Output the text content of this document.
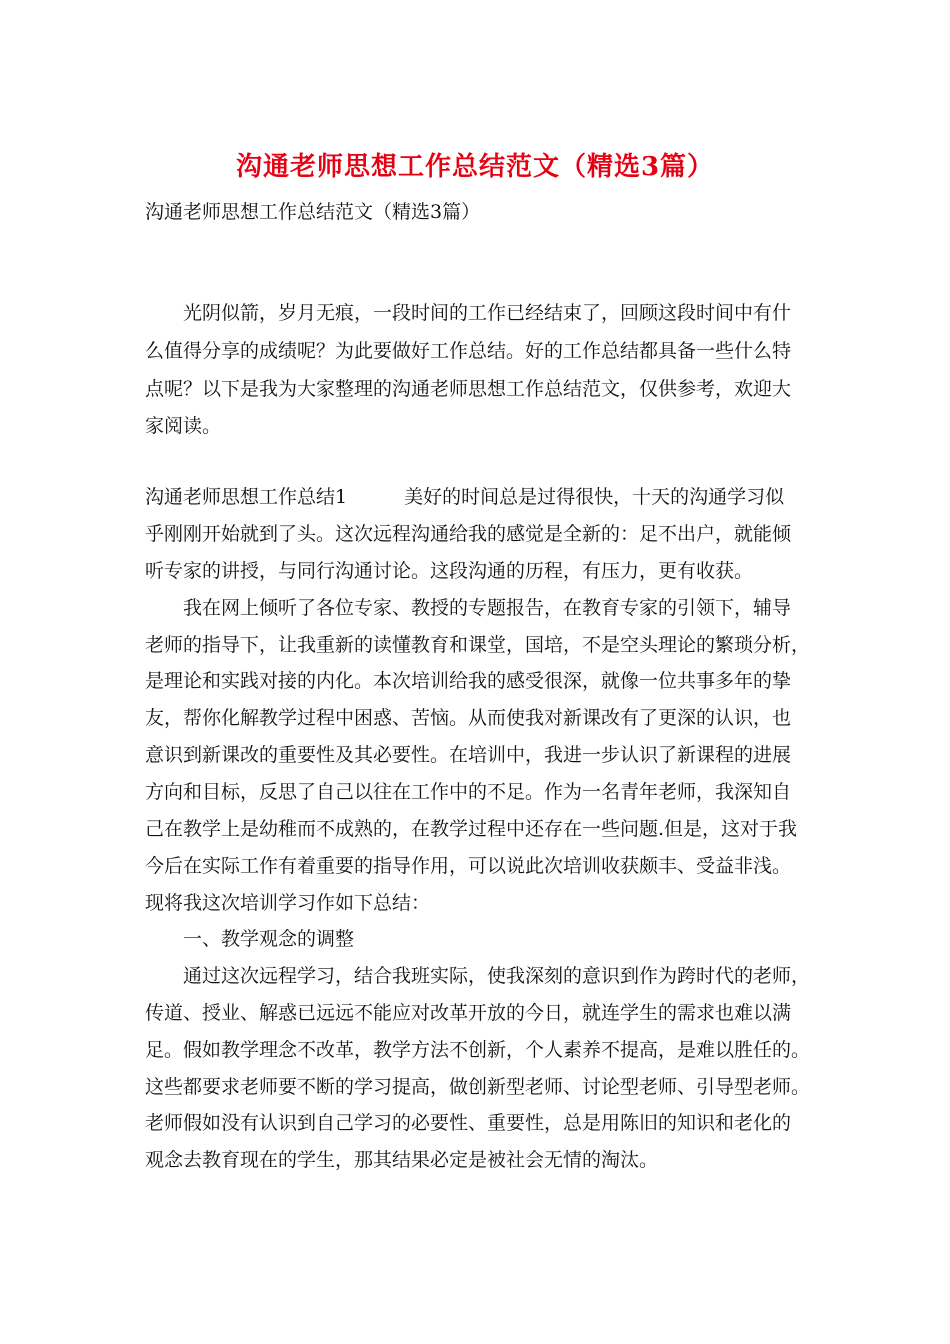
沟通老师思想工作总结范文（精选3篇）
沟通老师思想工作总结范文（精选3篇）
　　光阴似箭，岁月无痕，一段时间的工作已经结束了，回顾这段时间中有什
么值得分享的成绩呢？为此要做好工作总结。好的工作总结都具备一些什么特
点呢？以下是我为大家整理的沟通老师思想工作总结范文，仅供参考，欢迎大
家阅读。
沟通老师思想工作总结1　　　美好的时间总是过得很快，十天的沟通学习似
乎刚刚开始就到了头。这次远程沟通给我的感觉是全新的：足不出户，就能倾
听专家的讲授，与同行沟通讨论。这段沟通的历程，有压力，更有收获。
　　我在网上倾听了各位专家、教授的专题报告，在教育专家的引领下，辅导
老师的指导下，让我重新的读懂教育和课堂，国培，不是空头理论的繁琐分析，
是理论和实践对接的内化。本次培训给我的感受很深，就像一位共事多年的挚
友，帮你化解教学过程中困惑、苦恼。从而使我对新课改有了更深的认识，也
意识到新课改的重要性及其必要性。在培训中，我进一步认识了新课程的进展
方向和目标，反思了自己以往在工作中的不足。作为一名青年老师，我深知自
己在教学上是幼稚而不成熟的，在教学过程中还存在一些问题.但是，这对于我
今后在实际工作有着重要的指导作用，可以说此次培训收获颇丰、受益非浅。
现将我这次培训学习作如下总结：
　　一、教学观念的调整
　　通过这次远程学习，结合我班实际，使我深刻的意识到作为跨时代的老师，
传道、授业、解惑已远远不能应对改革开放的今日，就连学生的需求也难以满
足。假如教学理念不改革，教学方法不创新，个人素养不提高，是难以胜任的。
这些都要求老师要不断的学习提高，做创新型老师、讨论型老师、引导型老师。
老师假如没有认识到自己学习的必要性、重要性，总是用陈旧的知识和老化的
观念去教育现在的学生，那其结果必定是被社会无情的淘汰。
